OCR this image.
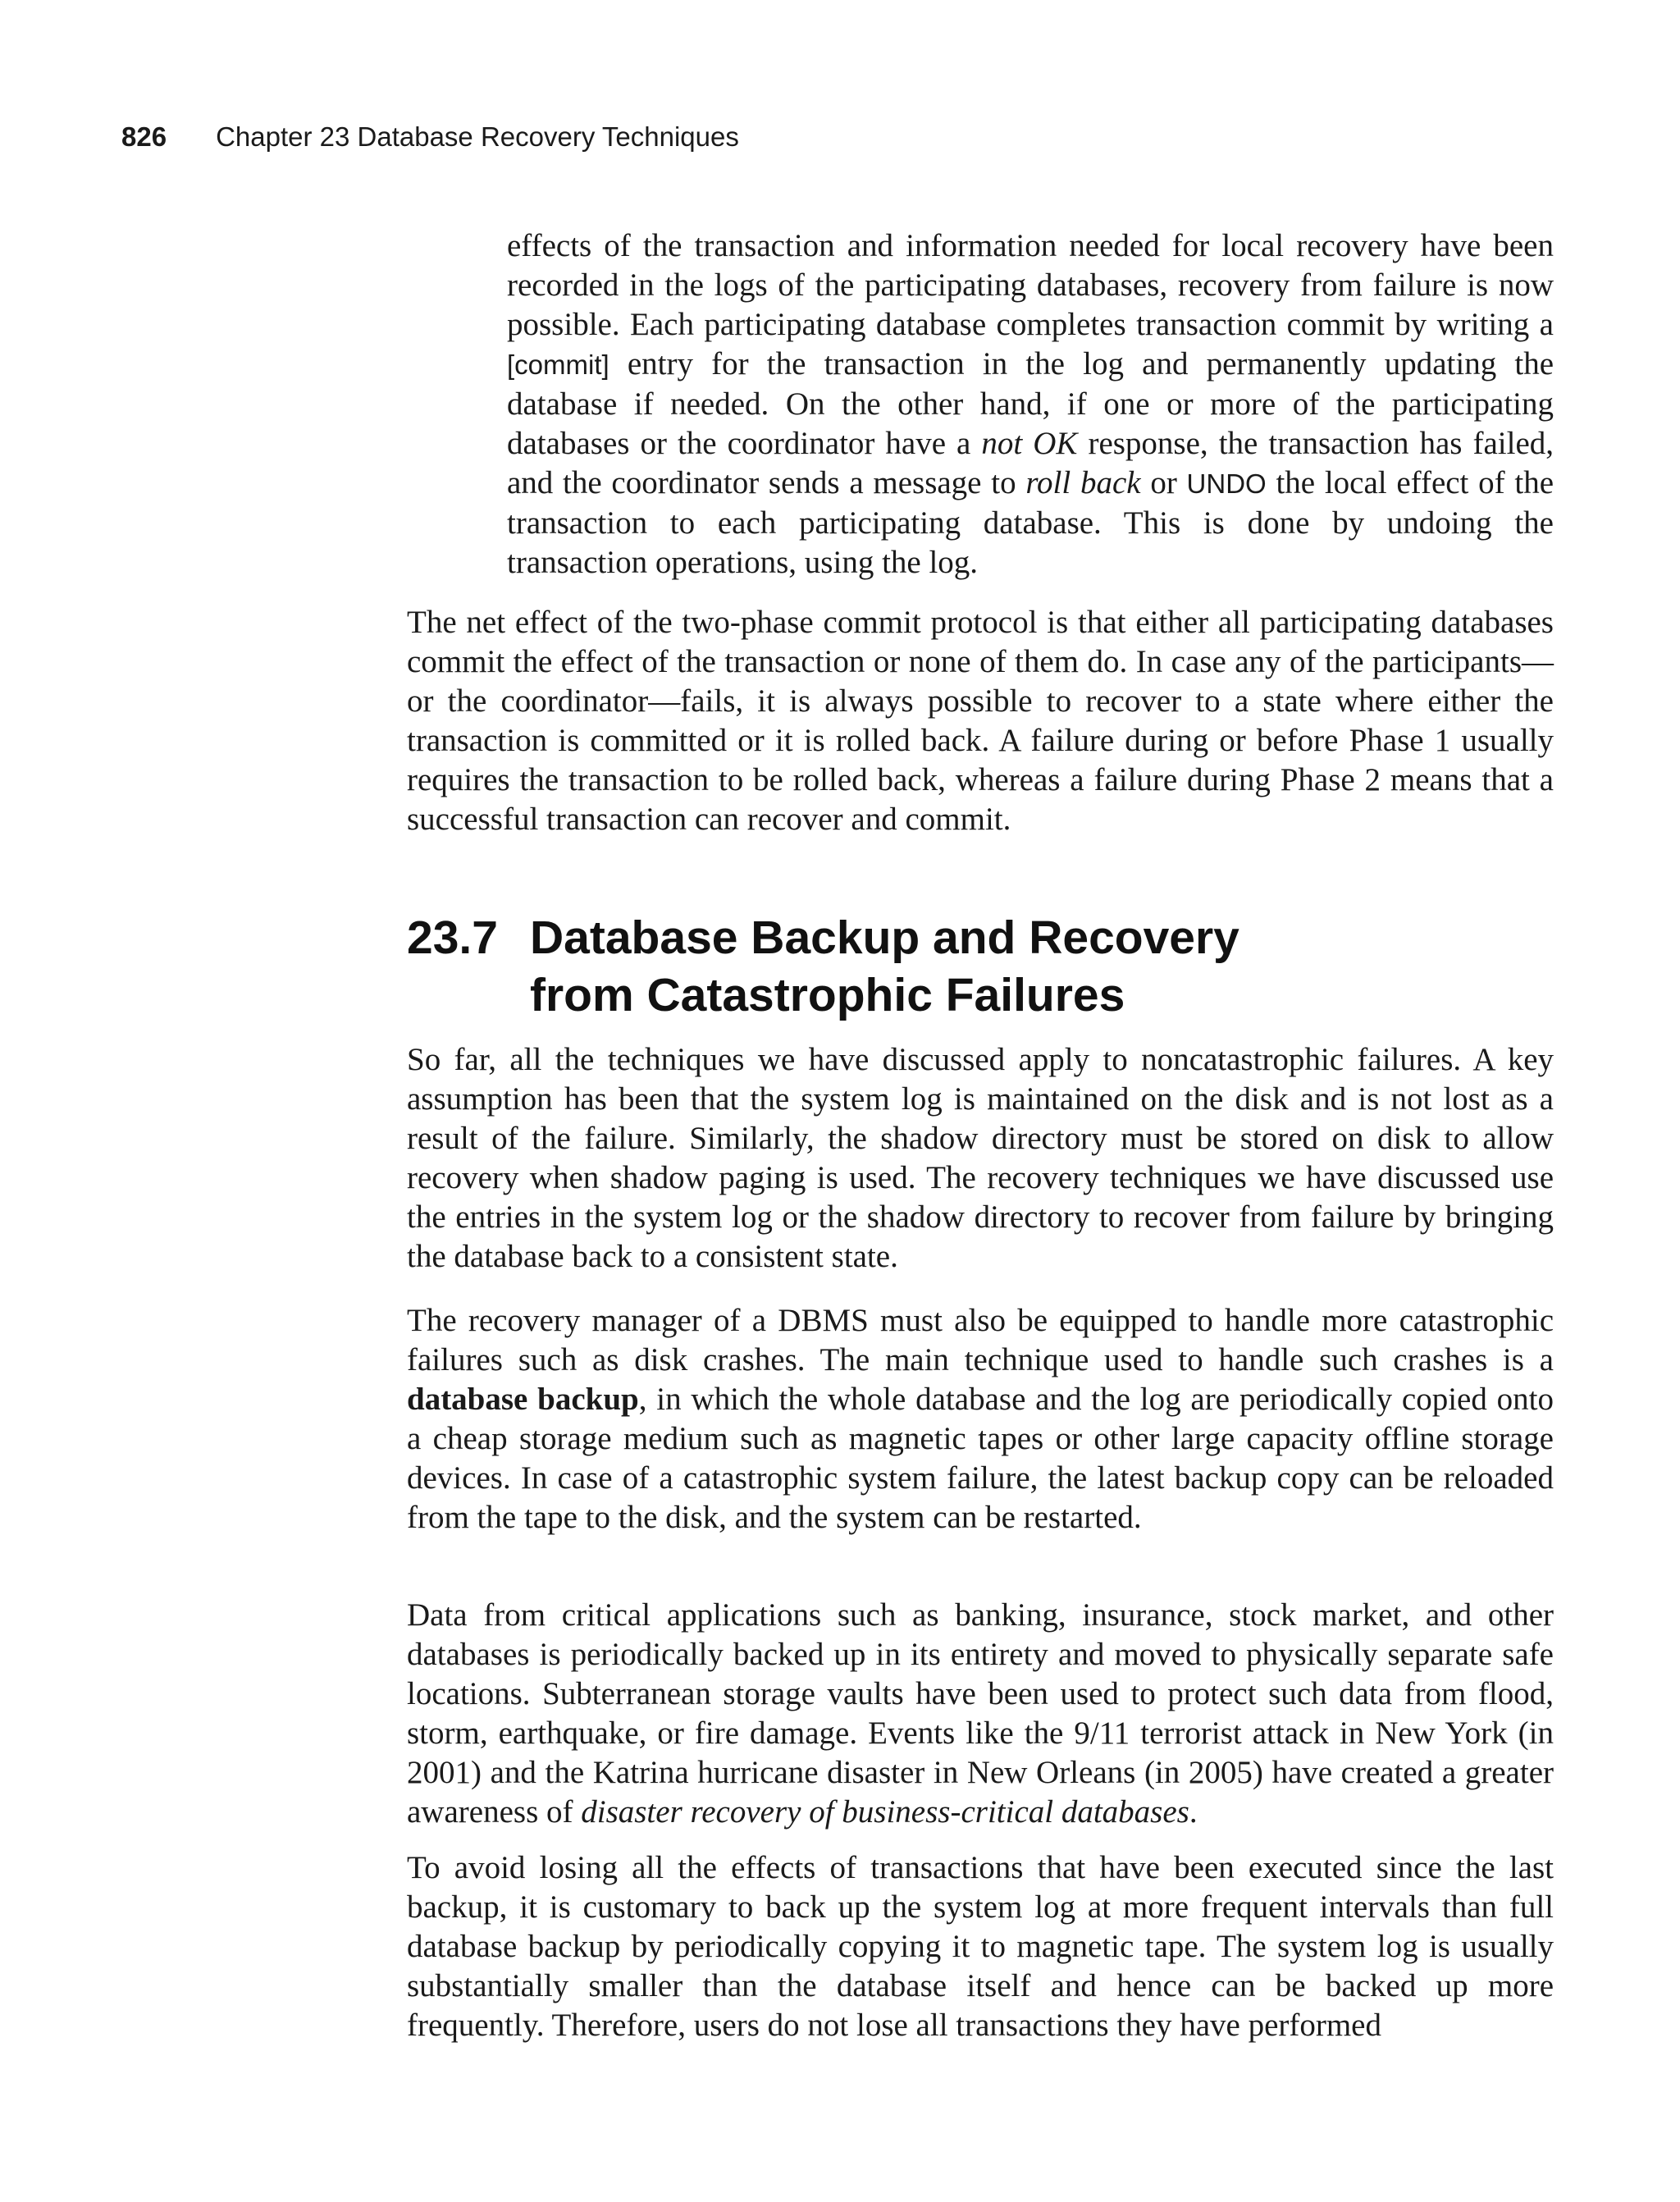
826 Chapter 23 Database Recovery Techniques

effects of the transaction and information needed for local recovery have been recorded in the logs of the participating databases, recovery from failure is now possible. Each participating database completes transaction commit by writing a [commit] entry for the transaction in the log and permanently updating the database if needed. On the other hand, if one or more of the participating databases or the coordinator have a not OK response, the transaction has failed, and the coordinator sends a message to roll back or UNDO the local effect of the transaction to each participating database. This is done by undoing the transaction operations, using the log.

The net effect of the two-phase commit protocol is that either all participating databases commit the effect of the transaction or none of them do. In case any of the participants—or the coordinator—fails, it is always possible to recover to a state where either the transaction is committed or it is rolled back. A failure during or before Phase 1 usually requires the transaction to be rolled back, whereas a failure during Phase 2 means that a successful transaction can recover and commit.

23.7 Database Backup and Recovery
from Catastrophic Failures

So far, all the techniques we have discussed apply to noncatastrophic failures. A key assumption has been that the system log is maintained on the disk and is not lost as a result of the failure. Similarly, the shadow directory must be stored on disk to allow recovery when shadow paging is used. The recovery techniques we have discussed use the entries in the system log or the shadow directory to recover from failure by bringing the database back to a consistent state.

The recovery manager of a DBMS must also be equipped to handle more catastrophic failures such as disk crashes. The main technique used to handle such crashes is a database backup, in which the whole database and the log are periodically copied onto a cheap storage medium such as magnetic tapes or other large capacity offline storage devices. In case of a catastrophic system failure, the latest backup copy can be reloaded from the tape to the disk, and the system can be restarted.

Data from critical applications such as banking, insurance, stock market, and other databases is periodically backed up in its entirety and moved to physically separate safe locations. Subterranean storage vaults have been used to protect such data from flood, storm, earthquake, or fire damage. Events like the 9/11 terrorist attack in New York (in 2001) and the Katrina hurricane disaster in New Orleans (in 2005) have created a greater awareness of disaster recovery of business-critical databases.

To avoid losing all the effects of transactions that have been executed since the last backup, it is customary to back up the system log at more frequent intervals than full database backup by periodically copying it to magnetic tape. The system log is usually substantially smaller than the database itself and hence can be backed up more frequently. Therefore, users do not lose all transactions they have performed
